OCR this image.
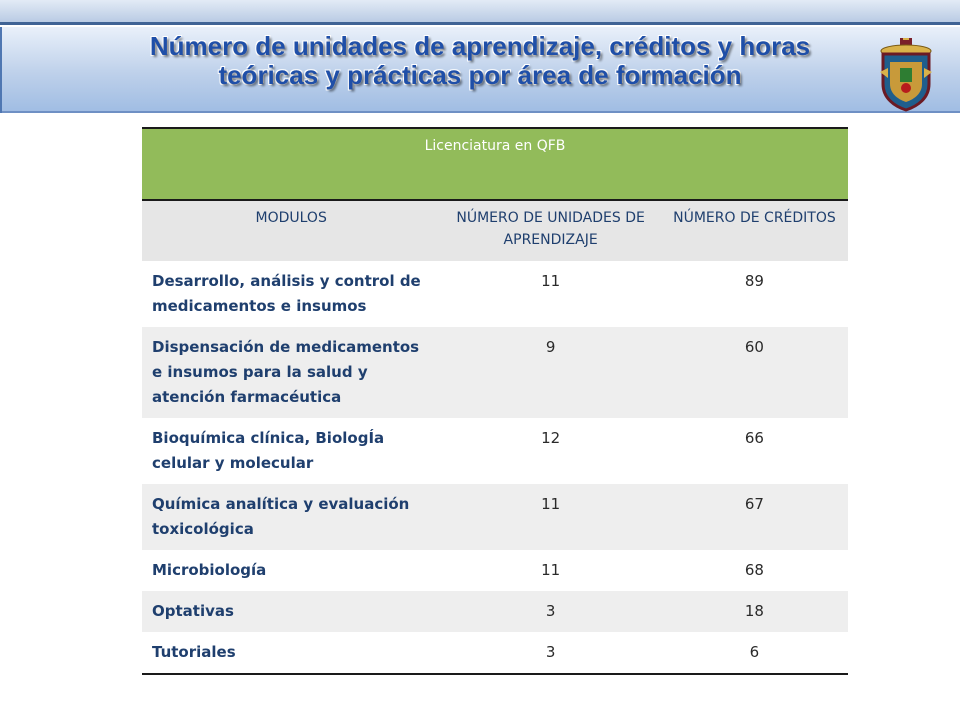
Número de unidades de aprendizaje, créditos y horas
teóricas y prácticas por área de formación
Licenciatura en QFB		
MODULOS	NÚMERO DE UNIDADES DE APRENDIZAJE	NÚMERO DE CRÉDITOS
Desarrollo, análisis y control de medicamentos e insumos	11	89
Dispensación de medicamentos e insumos para la salud y atención farmacéutica	9	60
Bioquímica clínica, BiologÍa celular y molecular	12	66
Química analítica y evaluación toxicológica	11	67
Microbiología	11	68
Optativas	3	18
Tutoriales	3	6
